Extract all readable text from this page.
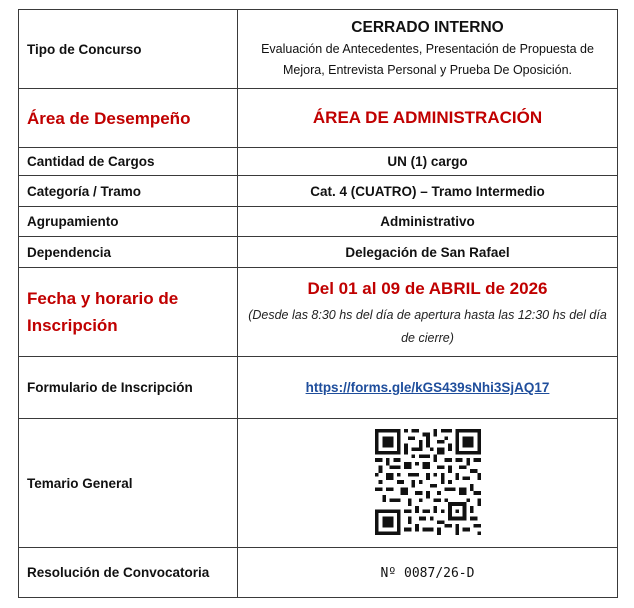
Tipo de Concurso	CERRADO INTERNO
Evaluación de Antecedentes, Presentación de Propuesta de Mejora, Entrevista Personal y Prueba De Oposición.

Área de Desempeño	ÁREA DE ADMINISTRACIÓN
Cantidad de Cargos	UN (1) cargo
Categoría / Tramo	Cat. 4 (CUATRO) – Tramo Intermedio
Agrupamiento	Administrativo
Dependencia	Delegación de San Rafael
Fecha y horario de Inscripción	Del 01 al 09 de ABRIL de 2026
(Desde las 8:30 hs del día de apertura hasta las 12:30 hs del día de cierre)

Formulario de Inscripción	https://forms.gle/kGS439sNhi3SjAQ17
Temario General	
Resolución de Convocatoria	Nº 0087/26-D
